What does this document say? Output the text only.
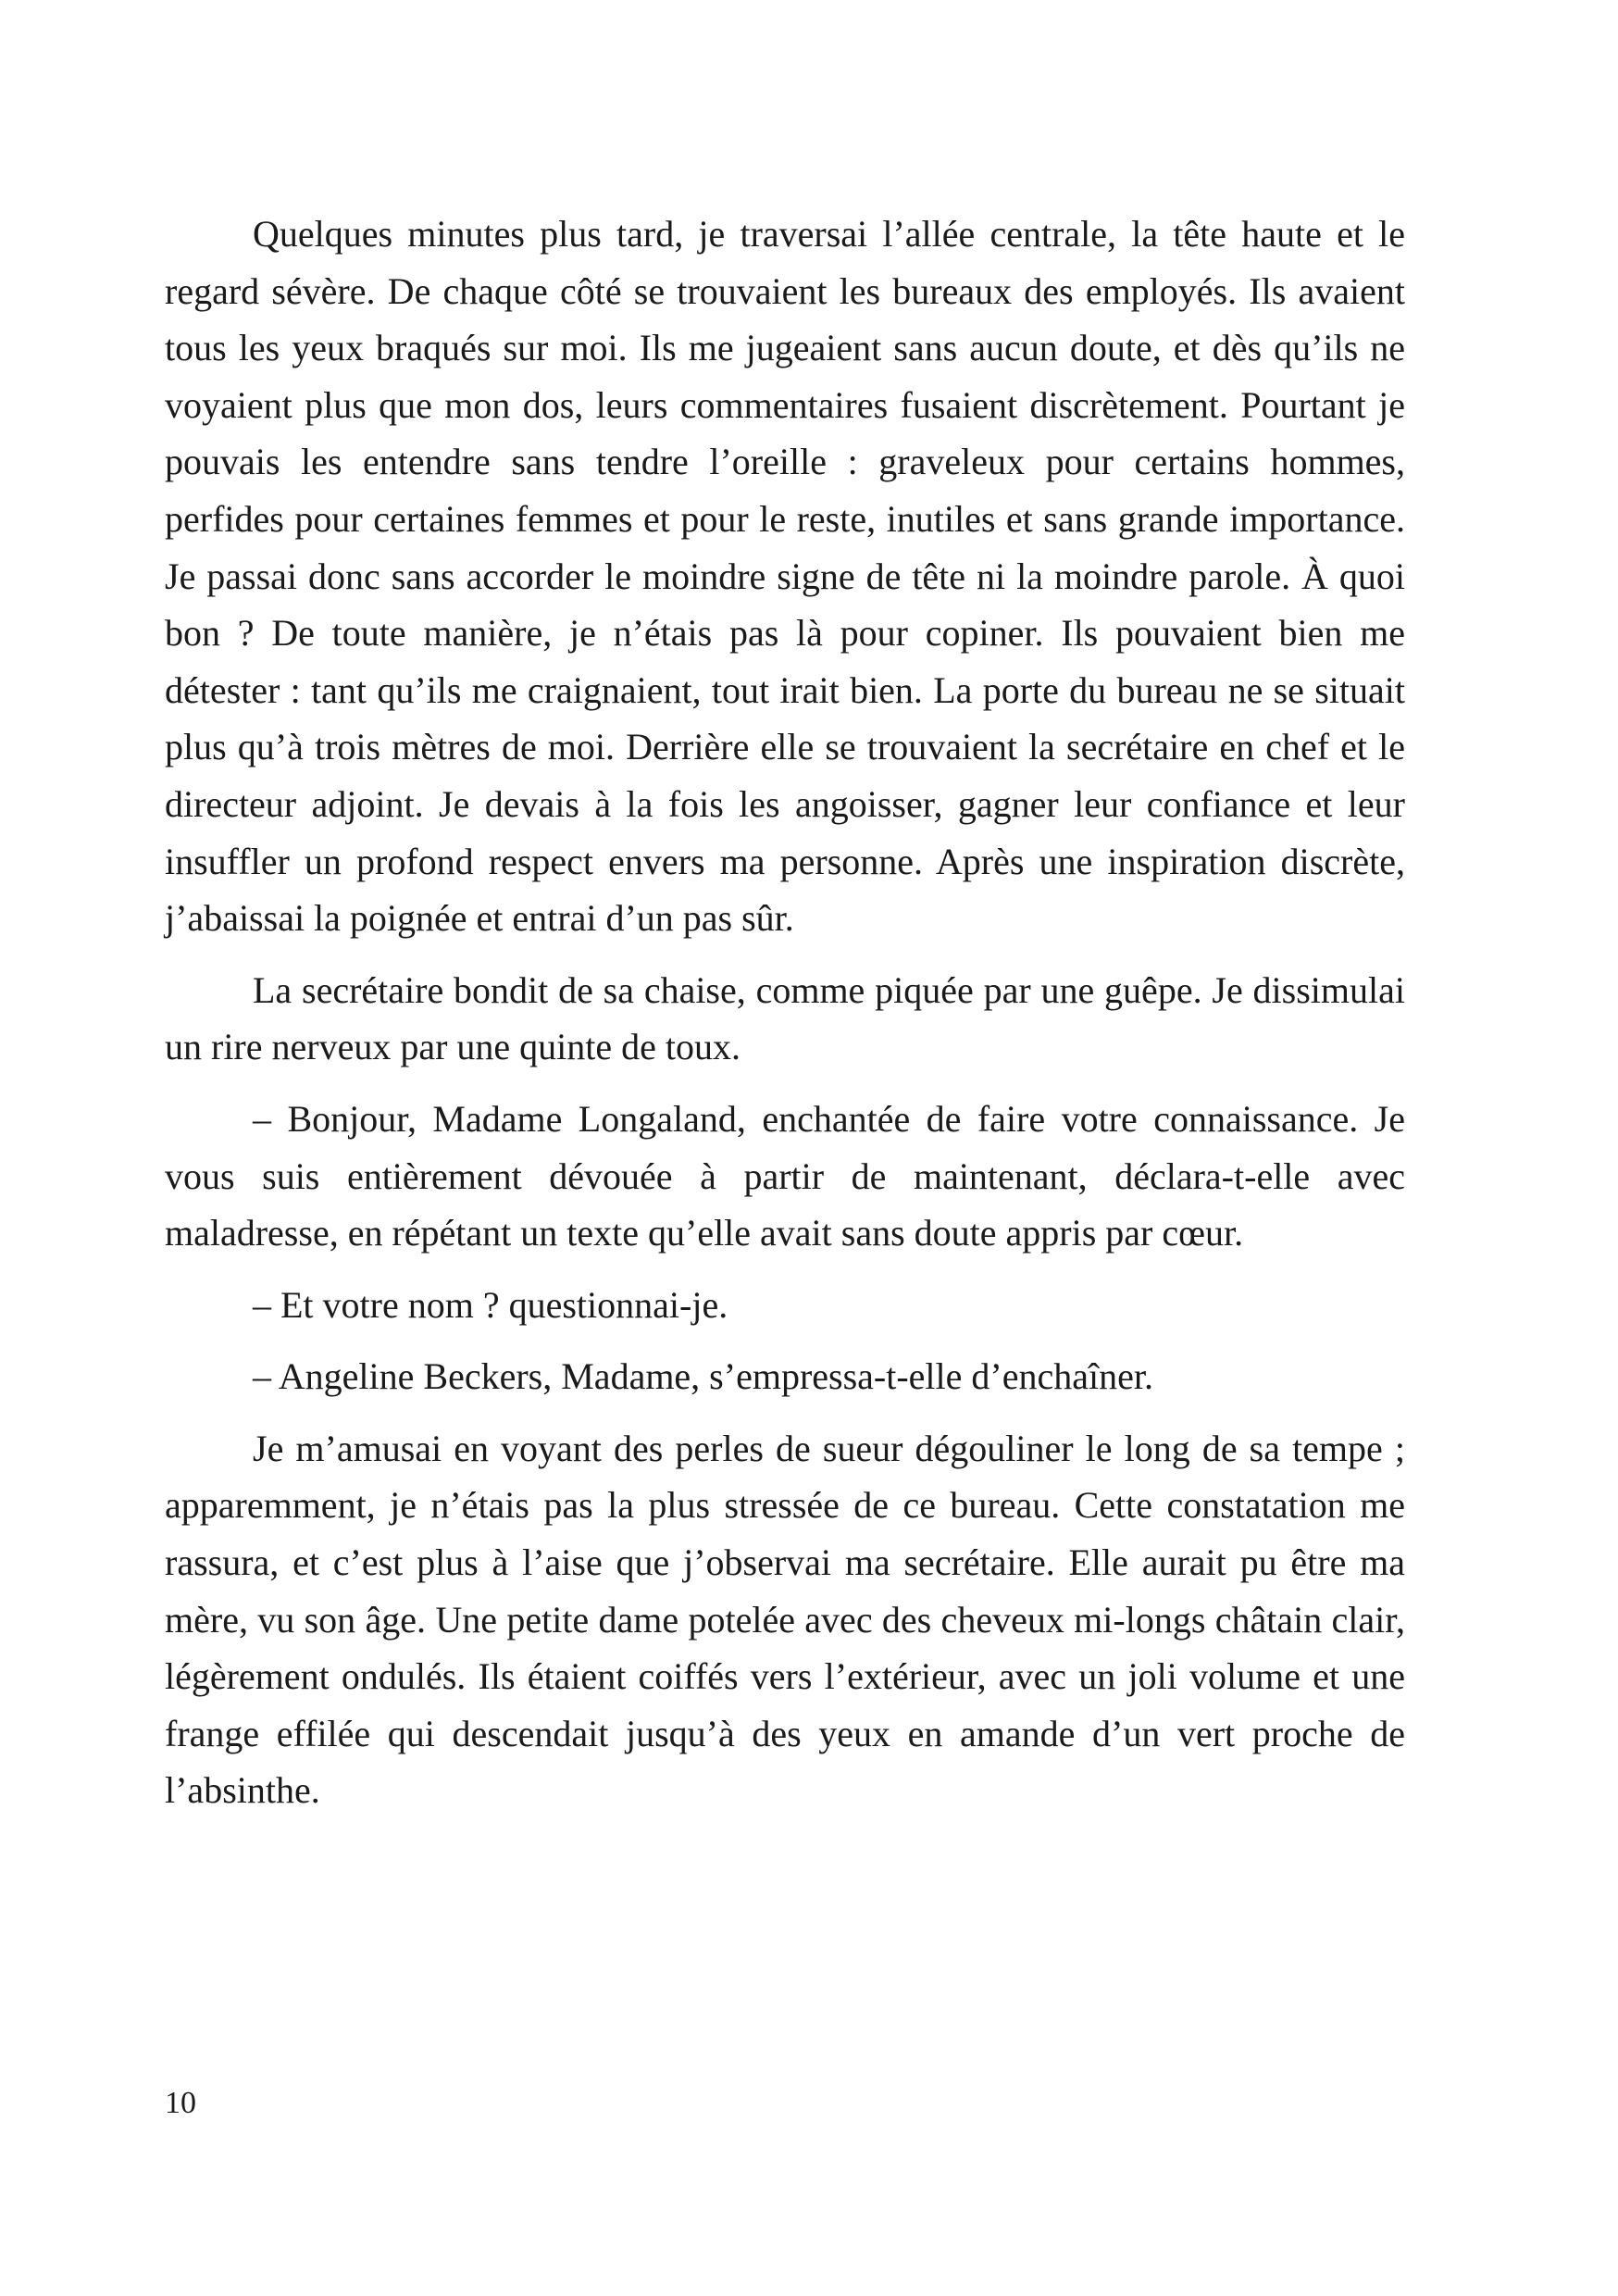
Quelques minutes plus tard, je traversai l’allée centrale, la tête haute et le regard sévère. De chaque côté se trouvaient les bureaux des employés. Ils avaient tous les yeux braqués sur moi. Ils me jugeaient sans aucun doute, et dès qu’ils ne voyaient plus que mon dos, leurs commentaires fusaient discrètement. Pourtant je pouvais les entendre sans tendre l’oreille : graveleux pour certains hommes, perfides pour certaines femmes et pour le reste, inutiles et sans grande importance. Je passai donc sans accorder le moindre signe de tête ni la moindre parole. À quoi bon ? De toute manière, je n’étais pas là pour copiner. Ils pouvaient bien me détester : tant qu’ils me craignaient, tout irait bien. La porte du bureau ne se situait plus qu’à trois mètres de moi. Derrière elle se trouvaient la secrétaire en chef et le directeur adjoint. Je devais à la fois les angoisser, gagner leur confiance et leur insuffler un profond respect envers ma personne. Après une inspiration discrète, j’abaissai la poignée et entrai d’un pas sûr.

La secrétaire bondit de sa chaise, comme piquée par une guêpe. Je dissimulai un rire nerveux par une quinte de toux.

– Bonjour, Madame Longaland, enchantée de faire votre connaissance. Je vous suis entièrement dévouée à partir de maintenant, déclara-t-elle avec maladresse, en répétant un texte qu’elle avait sans doute appris par cœur.

– Et votre nom ? questionnai-je.

– Angeline Beckers, Madame, s’empressa-t-elle d’enchaîner.

Je m’amusai en voyant des perles de sueur dégouliner le long de sa tempe ; apparemment, je n’étais pas la plus stressée de ce bureau. Cette constatation me rassura, et c’est plus à l’aise que j’observai ma secrétaire. Elle aurait pu être ma mère, vu son âge. Une petite dame potelée avec des cheveux mi-longs châtain clair, légèrement ondulés. Ils étaient coiffés vers l’extérieur, avec un joli volume et une frange effilée qui descendait jusqu’à des yeux en amande d’un vert proche de l’absinthe.

10
